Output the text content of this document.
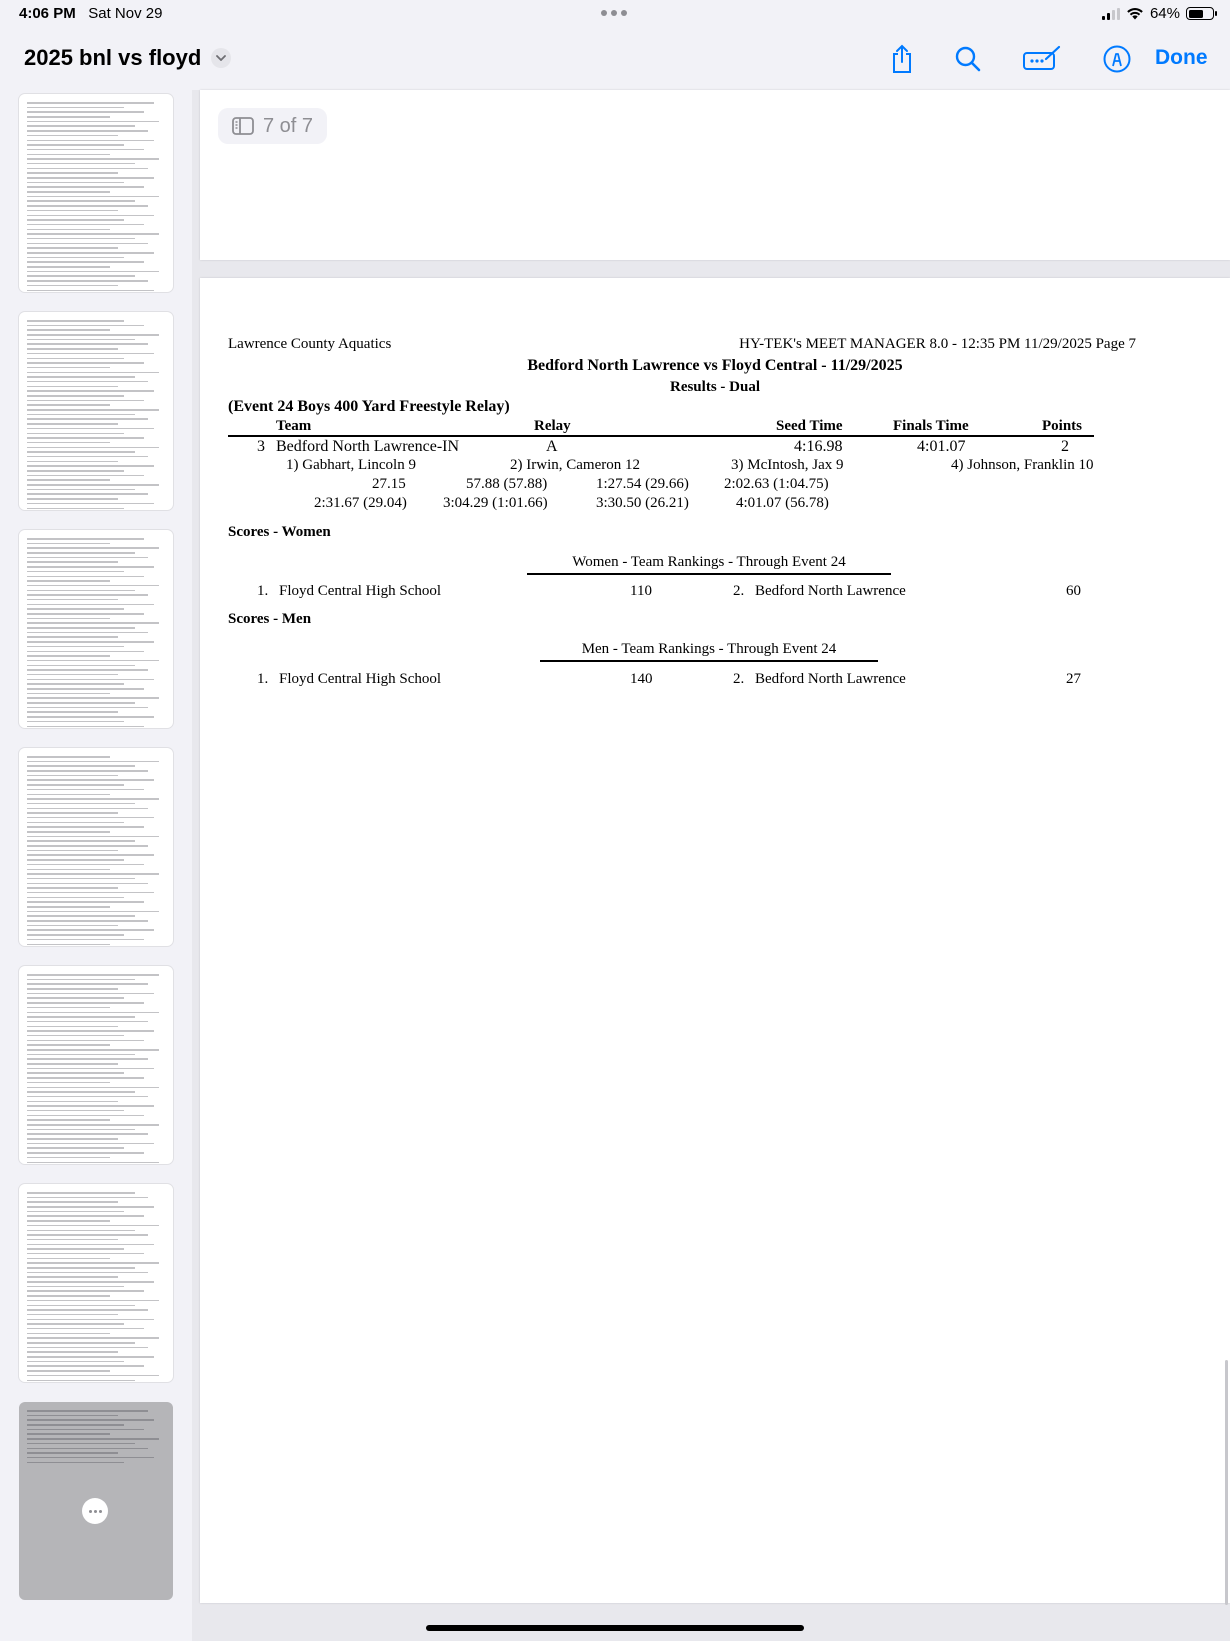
4:06 PM Sat Nov 29	64%
2025 bnl vs floyd	Done
7 of 7
Lawrence County Aquatics	HY-TEK's MEET MANAGER 8.0 - 12:35 PM 11/29/2025 Page 7
Bedford North Lawrence vs Floyd Central - 11/29/2025
Results - Dual
(Event 24 Boys 400 Yard Freestyle Relay)
Team	Relay	Seed Time	Finals Time	Points
3 Bedford North Lawrence-IN	A	4:16.98	4:01.07	2
1) Gabhart, Lincoln 9	2) Irwin, Cameron 12	3) McIntosh, Jax 9	4) Johnson, Franklin 10
27.15	57.88 (57.88)	1:27.54 (29.66) 2:02.63 (1:04.75)
2:31.67 (29.04) 3:04.29 (1:01.66)	3:30.50 (26.21)	4:01.07 (56.78)
Scores - Women
Women - Team Rankings - Through Event 24
1. Floyd Central High School	110	2. Bedford North Lawrence	60
Scores - Men
Men - Team Rankings - Through Event 24
1. Floyd Central High School	140	2. Bedford North Lawrence	27
